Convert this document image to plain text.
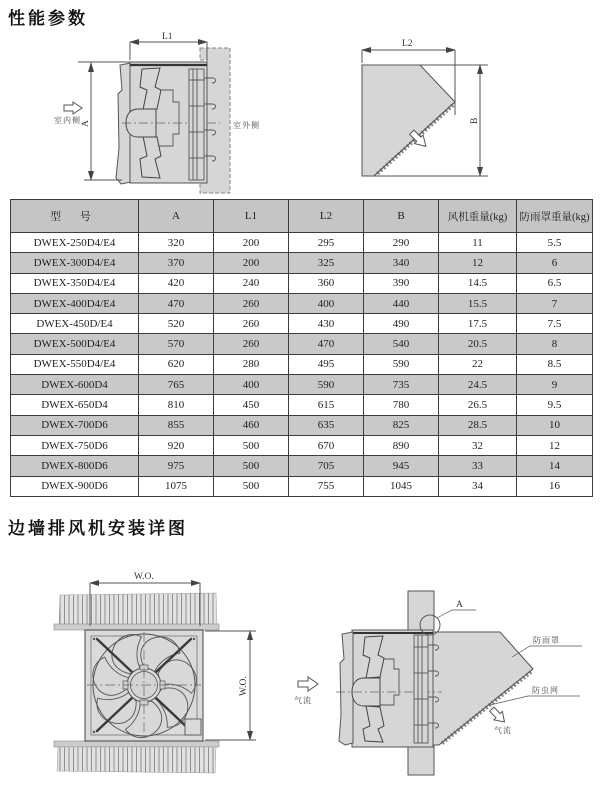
性能参数
L1
A
室内侧
室外侧
L2
B
型 号	A	L1	L2	B	风机重量(kg)	防雨罩重量(kg)
DWEX-250D4/E4	320	200	295	290	11	5.5
DWEX-300D4/E4	370	200	325	340	12	6
DWEX-350D4/E4	420	240	360	390	14.5	6.5
DWEX-400D4/E4	470	260	400	440	15.5	7
DWEX-450D/E4	520	260	430	490	17.5	7.5
DWEX-500D4/E4	570	260	470	540	20.5	8
DWEX-550D4/E4	620	280	495	590	22	8.5
DWEX-600D4	765	400	590	735	24.5	9
DWEX-650D4	810	450	615	780	26.5	9.5
DWEX-700D6	855	460	635	825	28.5	10
DWEX-750D6	920	500	670	890	32	12
DWEX-800D6	975	500	705	945	33	14
DWEX-900D6	1075	500	755	1045	34	16
边墙排风机安装详图
W.O.
W.O.
A
防雨罩
防虫网
气流
气流
